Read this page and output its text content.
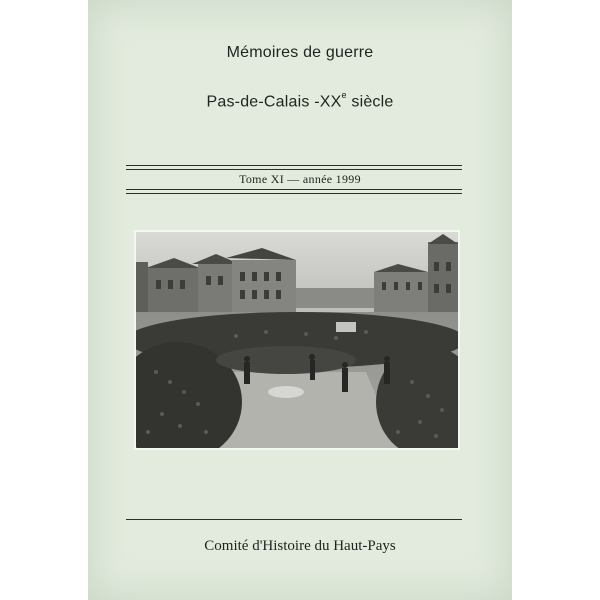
Mémoires de guerre
Pas-de-Calais -XXe siècle
Tome XI — année 1999
Comité d'Histoire du Haut-Pays
